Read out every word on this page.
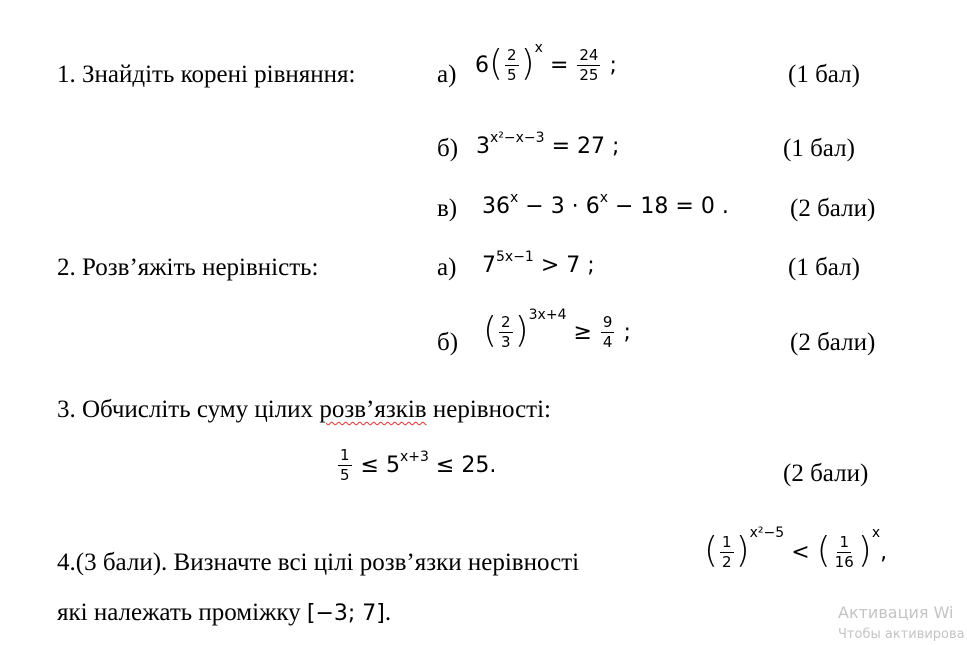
1. Знайдіть корені рівняння:	а) $6( \frac{2}{5} )^x = \frac{24}{25}$ ;	(1 бал)
б) $3^{x^2-x-3} = 27$ ;	(1 бал)
в) $36^x - 3 \cdot 6^x - 18 = 0$ . (2 бали)
2. Розв’яжіть нерівність:	а) $7^{5x-1} > 7$ ;	(1 бал)
б) ( $\frac{2}{3} )^{3x+4} \ge \frac{9}{4}$ ;	(2 бали)
3. Обчисліть суму цілих розв’язків нерівності:
$\frac{1}{5} \le 5^{x+3} \le 25$.	(2 бали)
4.(3 бали). Визначте всі цілі розв’язки нерівності	( $\frac{1}{2} )^{x^2-5}$ < ( $\frac{1}{16} )^x$,
які належать проміжку [−3; 7].	Активация Wi
Чтобы активирова
